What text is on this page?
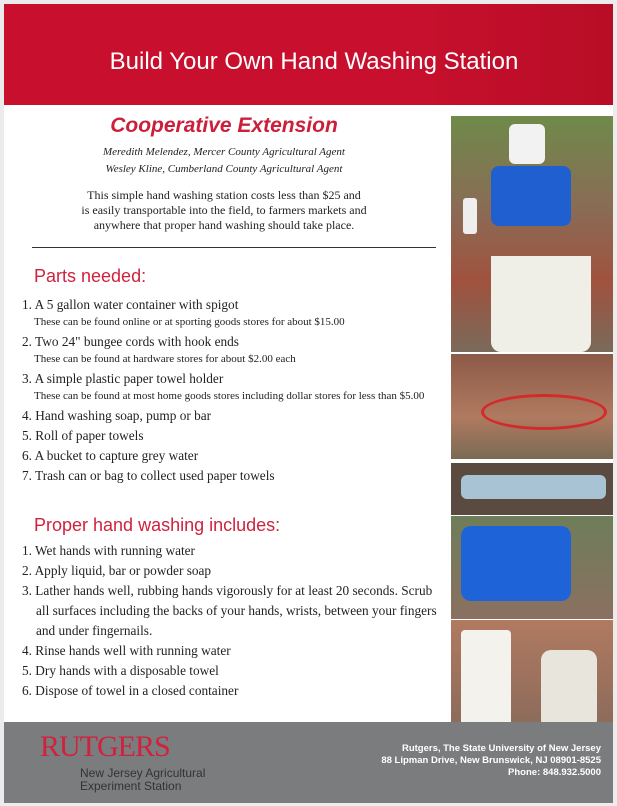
Build Your Own Hand Washing Station
Cooperative Extension
Meredith Melendez, Mercer County Agricultural Agent
Wesley Kline, Cumberland County Agricultural Agent
This simple hand washing station costs less than $25 and
is easily transportable into the field, to farmers markets and
anywhere that proper hand washing should take place.
Parts needed:
1. A 5 gallon water container with spigot
These can be found online or at sporting goods stores for about $15.00
2. Two 24" bungee cords with hook ends
These can be found at hardware stores for about $2.00 each
3. A simple plastic paper towel holder
These can be found at most home goods stores including dollar stores for less than $5.00
4. Hand washing soap, pump or bar
5. Roll of paper towels
6. A bucket to capture grey water
7. Trash can or bag to collect used paper towels
Proper hand washing includes:
1. Wet hands with running water
2. Apply liquid, bar or powder soap
3. Lather hands well, rubbing hands vigorously for at least 20 seconds. Scrub all surfaces including the backs of your hands, wrists, between your fingers and under fingernails.
4. Rinse hands well with running water
5. Dry hands with a disposable towel
6. Dispose of towel in a closed container
RUTGERS
New Jersey Agricultural
Experiment Station
Rutgers, The State University of New Jersey
88 Lipman Drive, New Brunswick, NJ 08901-8525
Phone: 848.932.5000
